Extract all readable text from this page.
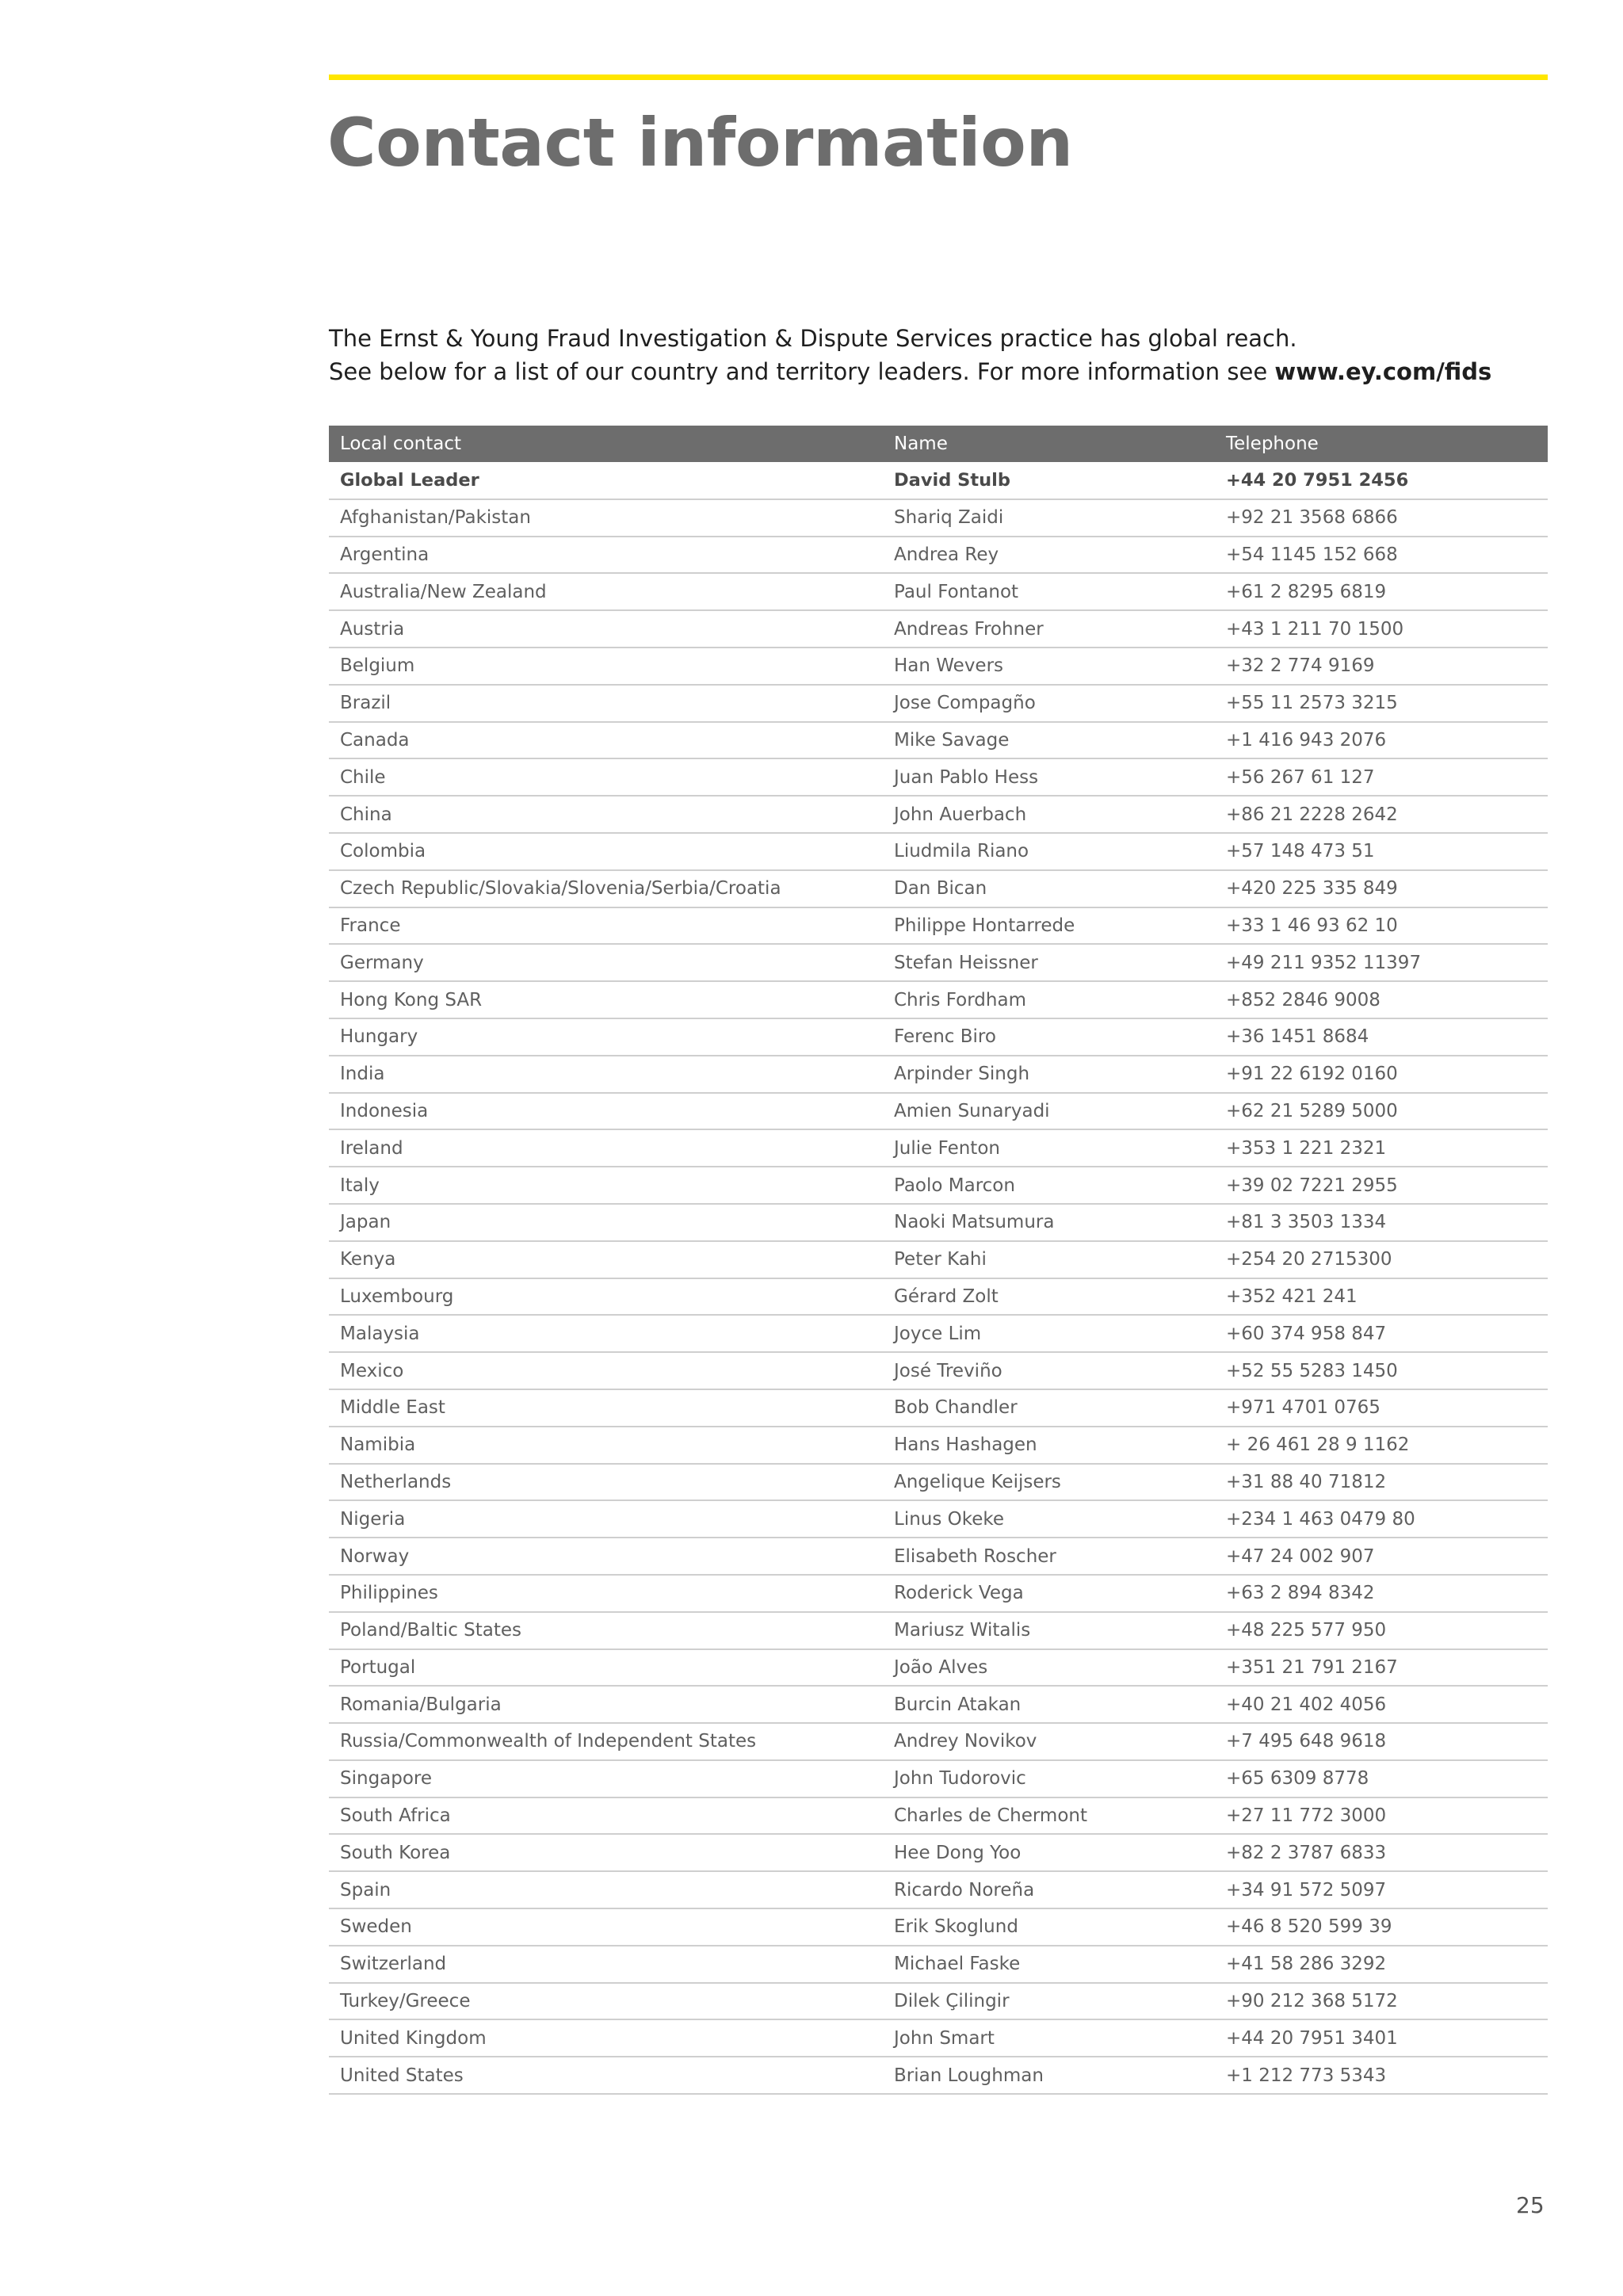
Contact information

The Ernst & Young Fraud Investigation & Dispute Services practice has global reach.

See below for a list of our country and territory leaders. For more information see www.ey.com/fids

Local contact	Name	Telephone
Global Leader	David Stulb	+44 20 7951 2456
Afghanistan/Pakistan	Shariq Zaidi	+92 21 3568 6866
Argentina	Andrea Rey	+54 1145 152 668
Australia/New Zealand	Paul Fontanot	+61 2 8295 6819
Austria	Andreas Frohner	+43 1 211 70 1500
Belgium	Han Wevers	+32 2 774 9169
Brazil	Jose Compagño	+55 11 2573 3215
Canada	Mike Savage	+1 416 943 2076
Chile	Juan Pablo Hess	+56 267 61 127
China	John Auerbach	+86 21 2228 2642
Colombia	Liudmila Riano	+57 148 473 51
Czech Republic/Slovakia/Slovenia/Serbia/Croatia	Dan Bican	+420 225 335 849
France	Philippe Hontarrede	+33 1 46 93 62 10
Germany	Stefan Heissner	+49 211 9352 11397
Hong Kong SAR	Chris Fordham	+852 2846 9008
Hungary	Ferenc Biro	+36 1451 8684
India	Arpinder Singh	+91 22 6192 0160
Indonesia	Amien Sunaryadi	+62 21 5289 5000
Ireland	Julie Fenton	+353 1 221 2321
Italy	Paolo Marcon	+39 02 7221 2955
Japan	Naoki Matsumura	+81 3 3503 1334
Kenya	Peter Kahi	+254 20 2715300
Luxembourg	Gérard Zolt	+352 421 241
Malaysia	Joyce Lim	+60 374 958 847
Mexico	José Treviño	+52 55 5283 1450
Middle East	Bob Chandler	+971 4701 0765
Namibia	Hans Hashagen	+ 26 461 28 9 1162
Netherlands	Angelique Keijsers	+31 88 40 71812
Nigeria	Linus Okeke	+234 1 463 0479 80
Norway	Elisabeth Roscher	+47 24 002 907
Philippines	Roderick Vega	+63 2 894 8342
Poland/Baltic States	Mariusz Witalis	+48 225 577 950
Portugal	João Alves	+351 21 791 2167
Romania/Bulgaria	Burcin Atakan	+40 21 402 4056
Russia/Commonwealth of Independent States	Andrey Novikov	+7 495 648 9618
Singapore	John Tudorovic	+65 6309 8778
South Africa	Charles de Chermont	+27 11 772 3000
South Korea	Hee Dong Yoo	+82 2 3787 6833
Spain	Ricardo Noreña	+34 91 572 5097
Sweden	Erik Skoglund	+46 8 520 599 39
Switzerland	Michael Faske	+41 58 286 3292
Turkey/Greece	Dilek Çilingir	+90 212 368 5172
United Kingdom	John Smart	+44 20 7951 3401
United States	Brian Loughman	+1 212 773 5343
25
